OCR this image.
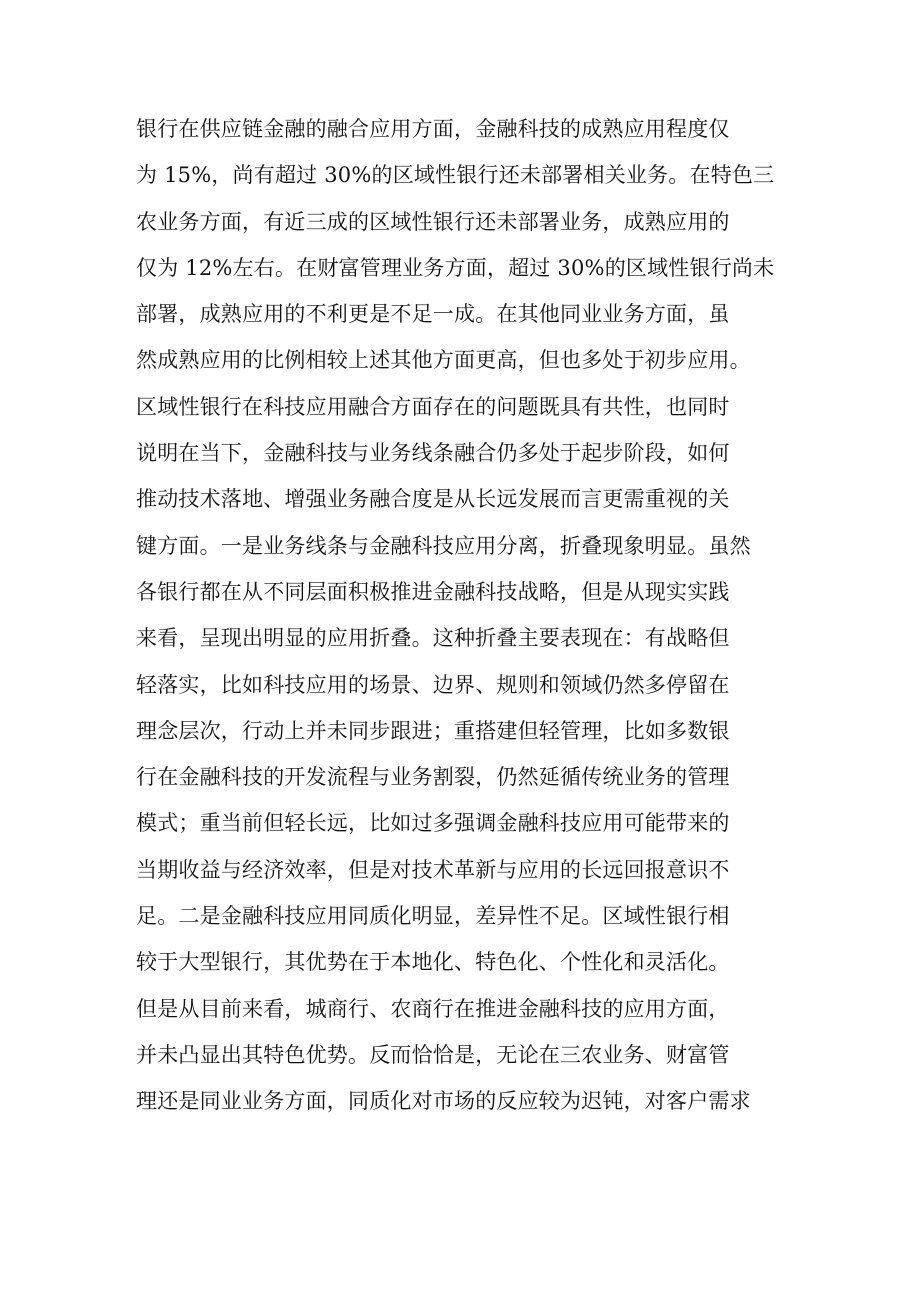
银行在供应链金融的融合应用方面，金融科技的成熟应用程度仅
为 15%，尚有超过 30%的区域性银行还未部署相关业务。在特色三
农业务方面，有近三成的区域性银行还未部署业务，成熟应用的
仅为 12%左右。在财富管理业务方面，超过 30%的区域性银行尚未
部署，成熟应用的不利更是不足一成。在其他同业业务方面，虽
然成熟应用的比例相较上述其他方面更高，但也多处于初步应用。
区域性银行在科技应用融合方面存在的问题既具有共性，也同时
说明在当下，金融科技与业务线条融合仍多处于起步阶段，如何
推动技术落地、增强业务融合度是从长远发展而言更需重视的关
键方面。一是业务线条与金融科技应用分离，折叠现象明显。虽然
各银行都在从不同层面积极推进金融科技战略，但是从现实实践
来看，呈现出明显的应用折叠。这种折叠主要表现在：有战略但
轻落实，比如科技应用的场景、边界、规则和领域仍然多停留在
理念层次，行动上并未同步跟进；重搭建但轻管理，比如多数银
行在金融科技的开发流程与业务割裂，仍然延循传统业务的管理
模式；重当前但轻长远，比如过多强调金融科技应用可能带来的
当期收益与经济效率，但是对技术革新与应用的长远回报意识不
足。二是金融科技应用同质化明显，差异性不足。区域性银行相
较于大型银行，其优势在于本地化、特色化、个性化和灵活化。
但是从目前来看，城商行、农商行在推进金融科技的应用方面，
并未凸显出其特色优势。反而恰恰是，无论在三农业务、财富管
理还是同业业务方面，同质化对市场的反应较为迟钝，对客户需求
